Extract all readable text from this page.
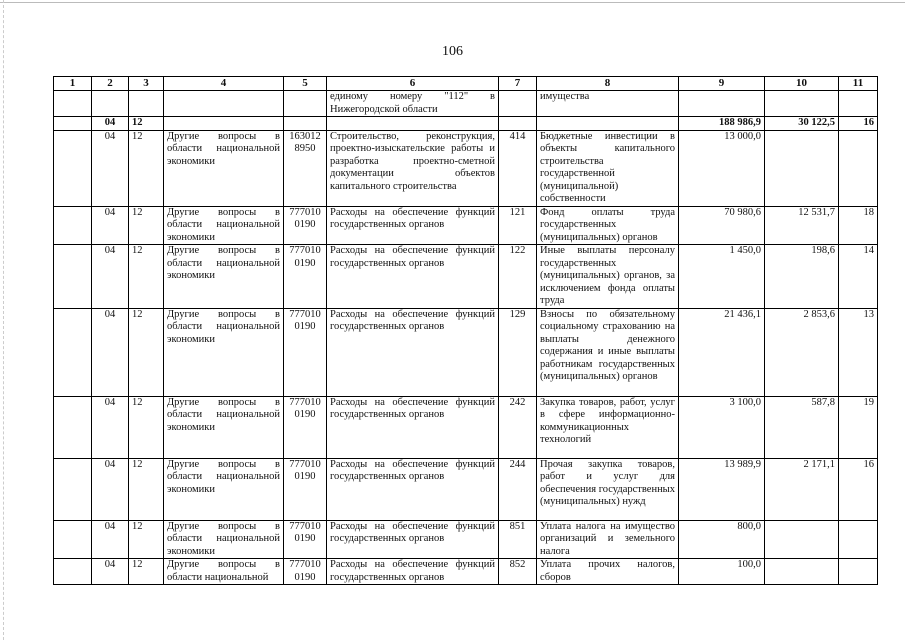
106
1	2	3	4	5	6	7	8	9	10	11
					единому номеру "112" в Нижегородской области		имущества			
	04	12						188 986,9	30 122,5	16
	04	12	Другие вопросы в области национальной экономики	163012 8950	Строительство, реконструкция, проектно-изыскательские работы и разработка проектно-сметной документации объектов капитального строительства	414	Бюджетные инвестиции в объекты капитального строительства государственной (муниципальной) собственности	13 000,0		
	04	12	Другие вопросы в области национальной экономики	777010 0190	Расходы на обеспечение функций государственных органов	121	Фонд оплаты труда государственных (муниципальных) органов	70 980,6	12 531,7	18
	04	12	Другие вопросы в области национальной экономики	777010 0190	Расходы на обеспечение функций государственных органов	122	Иные выплаты персоналу государственных (муниципальных) органов, за исключением фонда оплаты труда	1 450,0	198,6	14
	04	12	Другие вопросы в области национальной экономики	777010 0190	Расходы на обеспечение функций государственных органов	129	Взносы по обязательному социальному страхованию на выплаты денежного содержания и иные выплаты работникам государственных (муниципальных) органов	21 436,1	2 853,6	13
	04	12	Другие вопросы в области национальной экономики	777010 0190	Расходы на обеспечение функций государственных органов	242	Закупка товаров, работ, услуг в сфере информационно-коммуникационных технологий	3 100,0	587,8	19
	04	12	Другие вопросы в области национальной экономики	777010 0190	Расходы на обеспечение функций государственных органов	244	Прочая закупка товаров, работ и услуг для обеспечения государственных (муниципальных) нужд	13 989,9	2 171,1	16
	04	12	Другие вопросы в области национальной экономики	777010 0190	Расходы на обеспечение функций государственных органов	851	Уплата налога на имущество организаций и земельного налога	800,0		
	04	12	Другие вопросы в области национальной	777010 0190	Расходы на обеспечение функций государственных органов	852	Уплата прочих налогов, сборов	100,0		
